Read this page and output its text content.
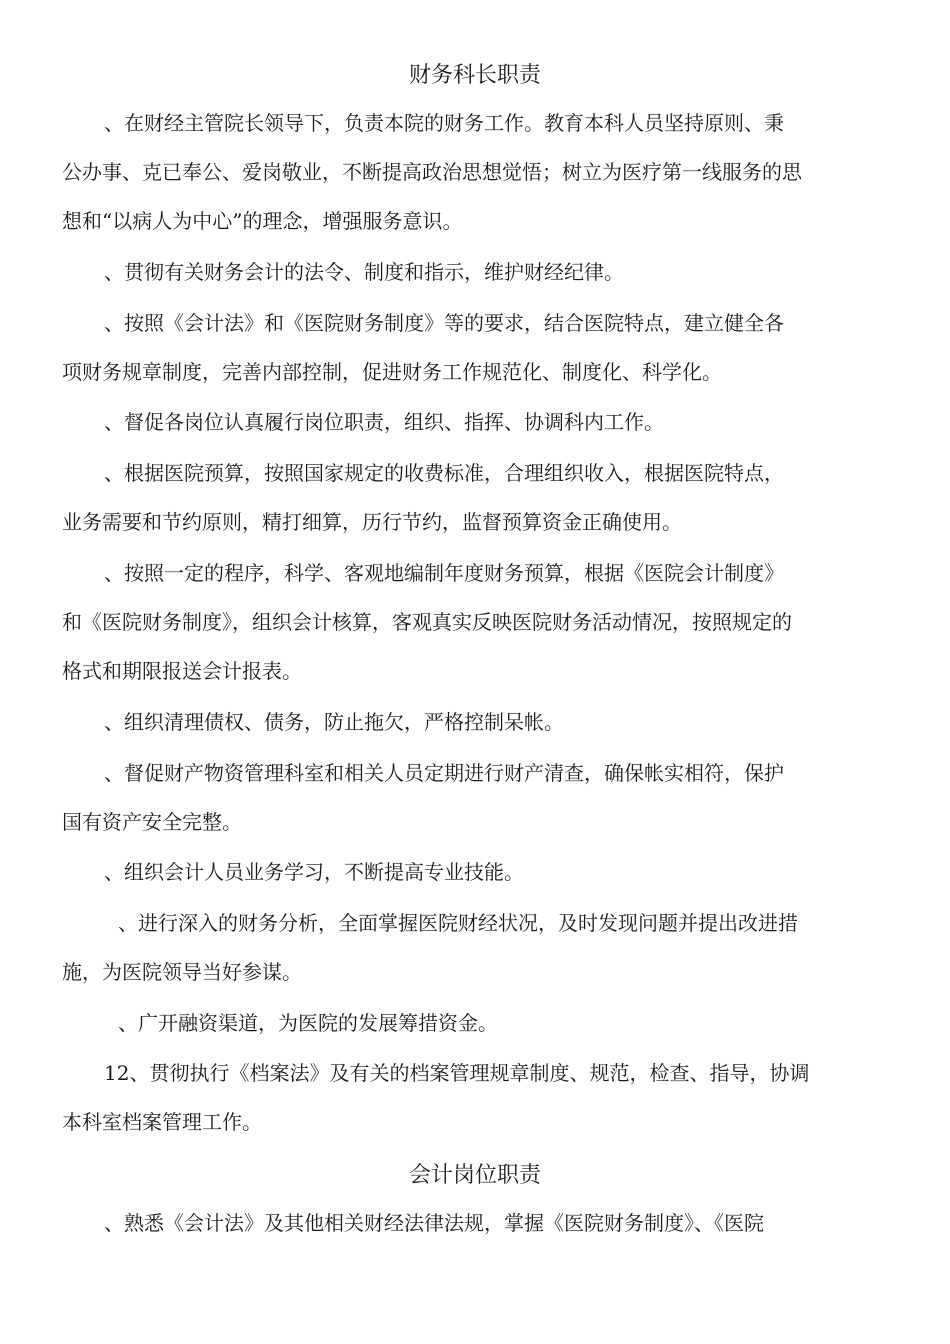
财务科长职责
、在财经主管院长领导下，负责本院的财务工作。教育本科人员坚持原则、秉
公办事、克已奉公、爱岗敬业，不断提高政治思想觉悟；树立为医疗第一线服务的思
想和“以病人为中心”的理念，增强服务意识。
、贯彻有关财务会计的法令、制度和指示，维护财经纪律。
、按照《会计法》和《医院财务制度》等的要求，结合医院特点，建立健全各
项财务规章制度，完善内部控制，促进财务工作规范化、制度化、科学化。
、督促各岗位认真履行岗位职责，组织、指挥、协调科内工作。
、根据医院预算，按照国家规定的收费标准，合理组织收入，根据医院特点，
业务需要和节约原则，精打细算，历行节约，监督预算资金正确使用。
、按照一定的程序，科学、客观地编制年度财务预算，根据《医院会计制度》
和《医院财务制度》，组织会计核算，客观真实反映医院财务活动情况，按照规定的
格式和期限报送会计报表。
、组织清理债权、债务，防止拖欠，严格控制呆帐。
、督促财产物资管理科室和相关人员定期进行财产清查，确保帐实相符，保护
国有资产安全完整。
、组织会计人员业务学习，不断提高专业技能。
、进行深入的财务分析，全面掌握医院财经状况，及时发现问题并提出改进措
施，为医院领导当好参谋。
、广开融资渠道，为医院的发展筹措资金。
12、贯彻执行《档案法》及有关的档案管理规章制度、规范，检查、指导，协调
本科室档案管理工作。
会计岗位职责
、熟悉《会计法》及其他相关财经法律法规，掌握《医院财务制度》、《医院
